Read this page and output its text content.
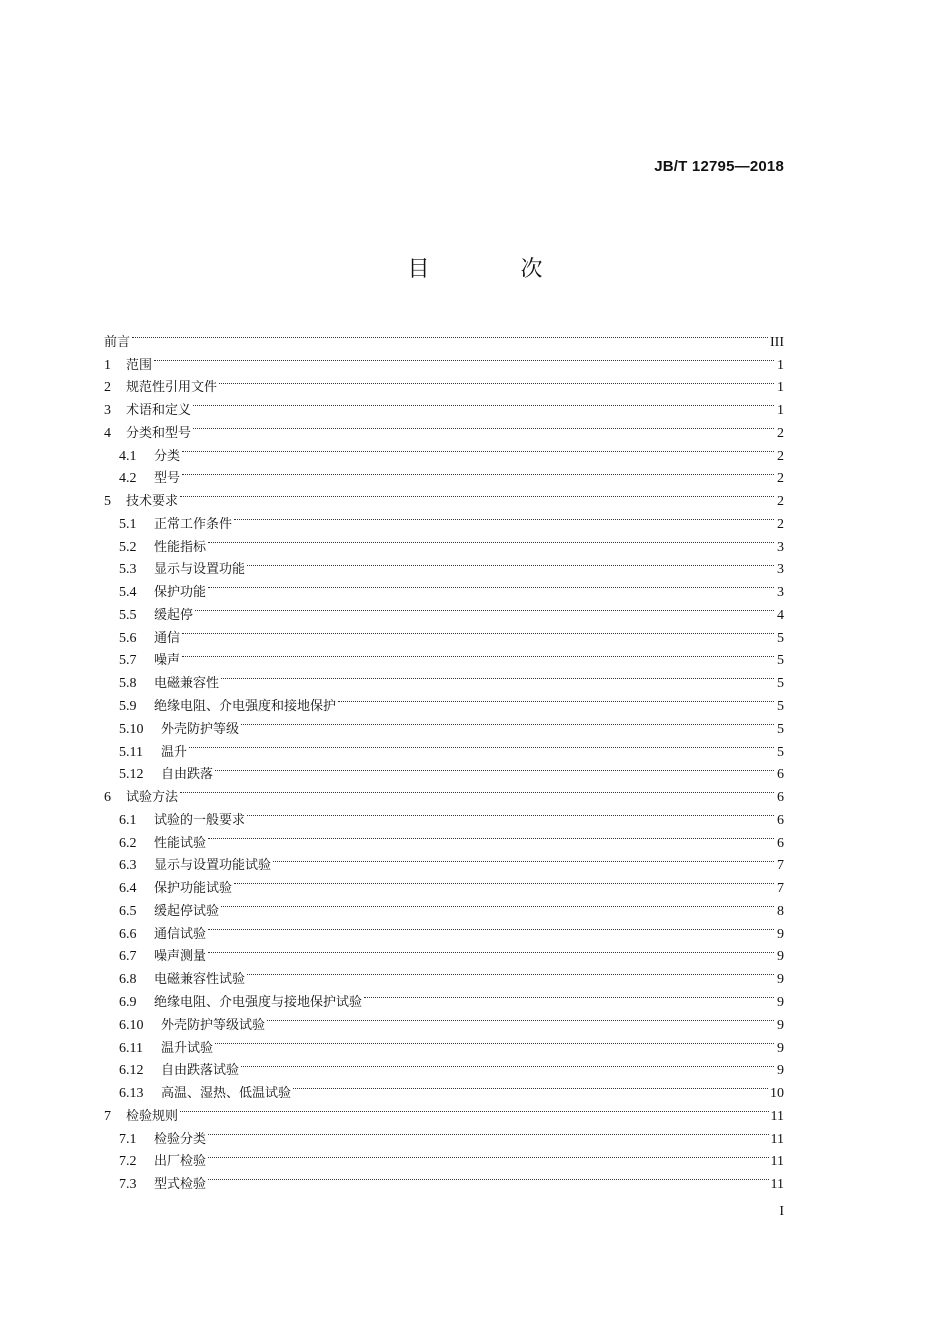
JB/T 12795—2018
目 次
前言	III
1	范围	1
2	规范性引用文件	1
3	术语和定义	1
4	分类和型号	2
4.1	分类	2
4.2	型号	2
5	技术要求	2
5.1	正常工作条件	2
5.2	性能指标	3
5.3	显示与设置功能	3
5.4	保护功能	3
5.5	缓起停	4
5.6	通信	5
5.7	噪声	5
5.8	电磁兼容性	5
5.9	绝缘电阻、介电强度和接地保护	5
5.10	外壳防护等级	5
5.11	温升	5
5.12	自由跌落	6
6	试验方法	6
6.1	试验的一般要求	6
6.2	性能试验	6
6.3	显示与设置功能试验	7
6.4	保护功能试验	7
6.5	缓起停试验	8
6.6	通信试验	9
6.7	噪声测量	9
6.8	电磁兼容性试验	9
6.9	绝缘电阻、介电强度与接地保护试验	9
6.10	外壳防护等级试验	9
6.11	温升试验	9
6.12	自由跌落试验	9
6.13	高温、湿热、低温试验	10
7	检验规则	11
7.1	检验分类	11
7.2	出厂检验	11
7.3	型式检验	11
I
